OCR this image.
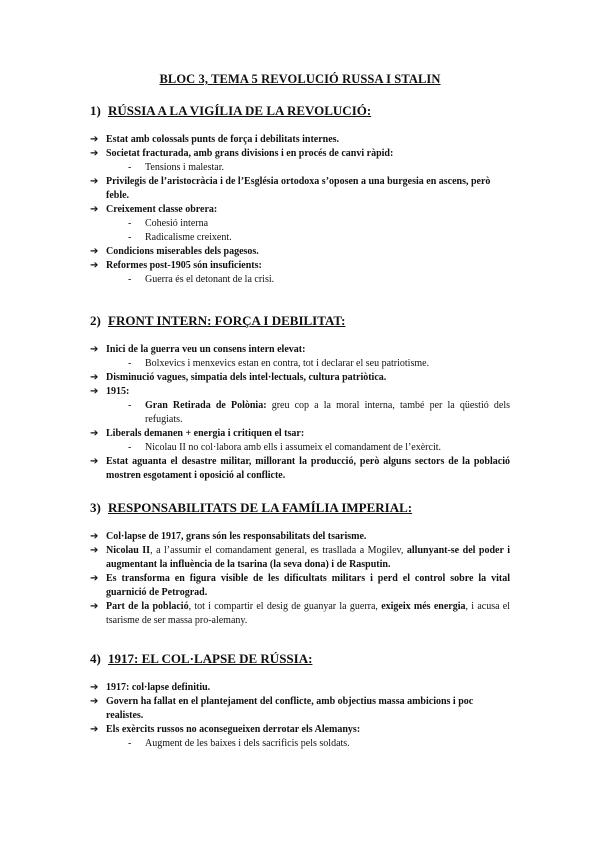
BLOC 3, TEMA 5 REVOLUCIÓ RUSSA I STALIN
1) RÚSSIA A LA VIGÍLIA DE LA REVOLUCIÓ:
➔ Estat amb colossals punts de força i debilitats internes.
➔ Societat fracturada, amb grans divisions i en procés de canvi ràpid:
-	Tensions i malestar.
➔ Privilegis de l’aristocràcia i de l’Església ortodoxa s’oposen a una burgesia en ascens, però feble.
➔ Creixement classe obrera:
-	Cohesió interna
-	Radicalisme creixent.
➔ Condicions miserables dels pagesos.
➔ Reformes post-1905 són insuficients:
-	Guerra és el detonant de la crisi.
2) FRONT INTERN: FORÇA I DEBILITAT:
➔ Inici de la guerra veu un consens intern elevat:
-	Bolxevics i menxevics estan en contra, tot i declarar el seu patriotisme.
➔ Disminució vagues, simpatia dels intel·lectuals, cultura patriòtica.
➔ 1915:
-	Gran Retirada de Polònia: greu cop a la moral interna, també per la qüestió dels refugiats.
➔ Liberals demanen + energia i critiquen el tsar:
-	Nicolau II no col·labora amb ells i assumeix el comandament de l’exèrcit.
➔ Estat aguanta el desastre militar, millorant la producció, però alguns sectors de la població mostren esgotament i oposició al conflicte.
3) RESPONSABILITATS DE LA FAMÍLIA IMPERIAL:
➔ Col·lapse de 1917, grans són les responsabilitats del tsarisme.
➔ Nicolau II, a l’assumir el comandament general, es trasllada a Mogilev, allunyant-se del poder i augmentant la influència de la tsarina (la seva dona) i de Rasputin.
➔ Es transforma en figura visible de les dificultats militars i perd el control sobre la vital guarnició de Petrograd.
➔ Part de la població, tot i compartir el desig de guanyar la guerra, exigeix més energia, i acusa el tsarisme de ser massa pro-alemany.
4) 1917: EL COL·LAPSE DE RÚSSIA:
➔ 1917: col·lapse definitiu.
➔ Govern ha fallat en el plantejament del conflicte, amb objectius massa ambicions i poc realistes.
➔ Els exèrcits russos no aconsegueixen derrotar els Alemanys:
-	Augment de les baixes i dels sacrificis pels soldats.
